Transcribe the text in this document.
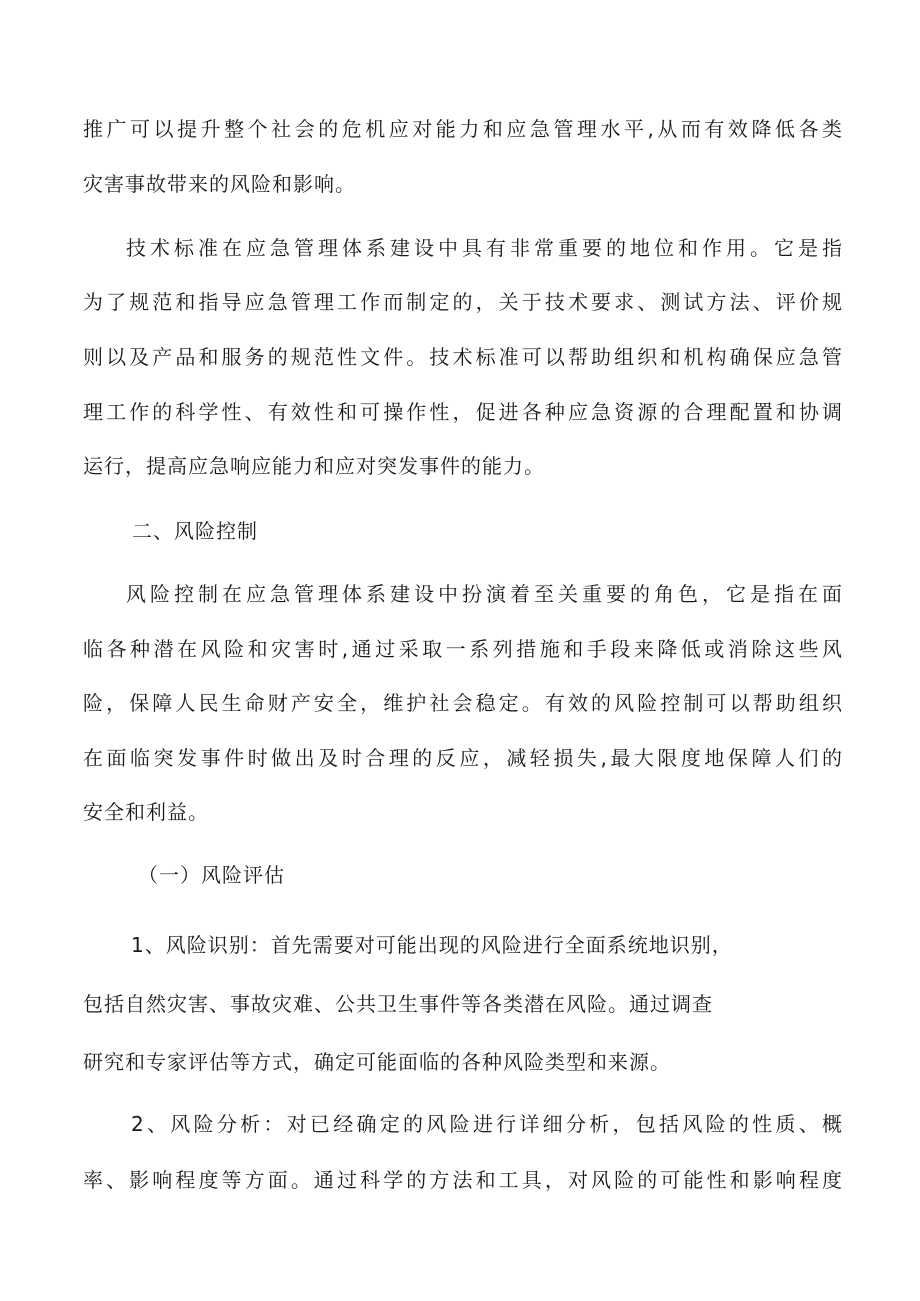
推广可以提升整个社会的危机应对能力和应急管理水平,从而有效降低各类

灾害事故带来的风险和影响。

技术标准在应急管理体系建设中具有非常重要的地位和作用。它是指

为了规范和指导应急管理工作而制定的，关于技术要求、测试方法、评价规

则以及产品和服务的规范性文件。技术标准可以帮助组织和机构确保应急管

理工作的科学性、有效性和可操作性，促进各种应急资源的合理配置和协调

运行，提高应急响应能力和应对突发事件的能力。

二、风险控制

风险控制在应急管理体系建设中扮演着至关重要的角色，它是指在面

临各种潜在风险和灾害时,通过采取一系列措施和手段来降低或消除这些风

险，保障人民生命财产安全，维护社会稳定。有效的风险控制可以帮助组织

在面临突发事件时做出及时合理的反应，减轻损失,最大限度地保障人们的

安全和利益。

（一）风险评估

1、风险识别：首先需要对可能出现的风险进行全面系统地识别，

包括自然灾害、事故灾难、公共卫生事件等各类潜在风险。通过调查

研究和专家评估等方式，确定可能面临的各种风险类型和来源。

2、风险分析：对已经确定的风险进行详细分析，包括风险的性质、概

率、影响程度等方面。通过科学的方法和工具，对风险的可能性和影响程度
